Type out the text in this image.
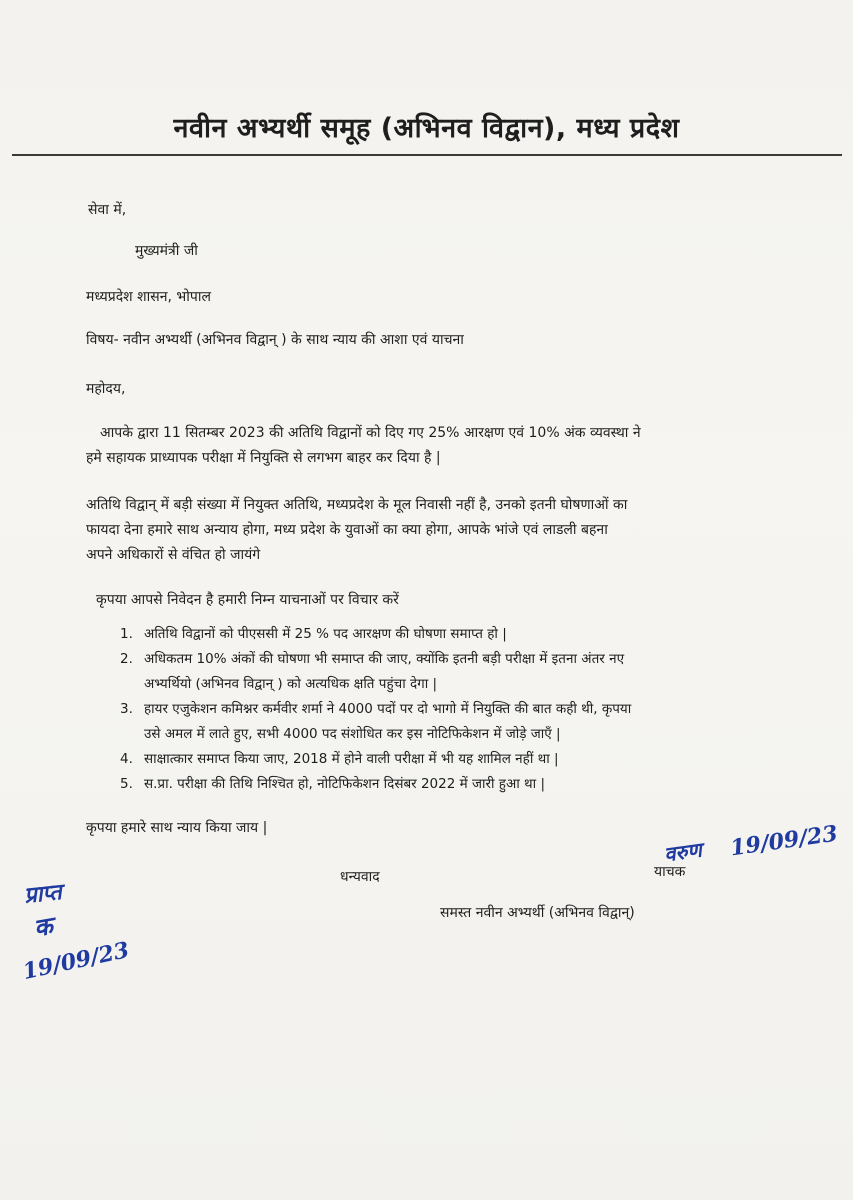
नवीन अभ्यर्थी समूह (अभिनव विद्वान), मध्य प्रदेश
सेवा में,
मुख्यमंत्री जी
मध्यप्रदेश शासन, भोपाल
विषय- नवीन अभ्यर्थी (अभिनव विद्वान् ) के साथ न्याय की आशा एवं याचना
महोदय,
आपके द्वारा 11 सितम्बर 2023 की अतिथि विद्वानों को दिए गए 25% आरक्षण एवं 10% अंक व्यवस्था ने
हमे सहायक प्राध्यापक परीक्षा में नियुक्ति से लगभग बाहर कर दिया है |
अतिथि विद्वान् में बड़ी संख्या में नियुक्त अतिथि, मध्यप्रदेश के मूल निवासी नहीं है, उनको इतनी घोषणाओं का
फायदा देना हमारे साथ अन्याय होगा, मध्य प्रदेश के युवाओं का क्या होगा, आपके भांजे एवं लाडली बहना
अपने अधिकारों से वंचित हो जायंगे
कृपया आपसे निवेदन है हमारी निम्न याचनाओं पर विचार करें
1. अतिथि विद्वानों को पीएससी में 25 % पद आरक्षण की घोषणा समाप्त हो |
2. अधिकतम 10% अंकों की घोषणा भी समाप्त की जाए, क्योंकि इतनी बड़ी परीक्षा में इतना अंतर नए
अभ्यर्थियो (अभिनव विद्वान् ) को अत्यधिक क्षति पहुंचा देगा |
3. हायर एजुकेशन कमिश्नर कर्मवीर शर्मा ने 4000 पदों पर दो भागो में नियुक्ति की बात कही थी, कृपया
उसे अमल में लाते हुए, सभी 4000 पद संशोधित कर इस नोटिफिकेशन में जोड़े जाएँ |
4. साक्षात्कार समाप्त किया जाए, 2018 में होने वाली परीक्षा में भी यह शामिल नहीं था |
5. स.प्रा. परीक्षा की तिथि निश्चित हो, नोटिफिकेशन दिसंबर 2022 में जारी हुआ था |
कृपया हमारे साथ न्याय किया जाय |
धन्यवाद	याचक
समस्त नवीन अभ्यर्थी (अभिनव विद्वान्)
वरुण 19/09/23
प्राप्त
क
19/09/23
